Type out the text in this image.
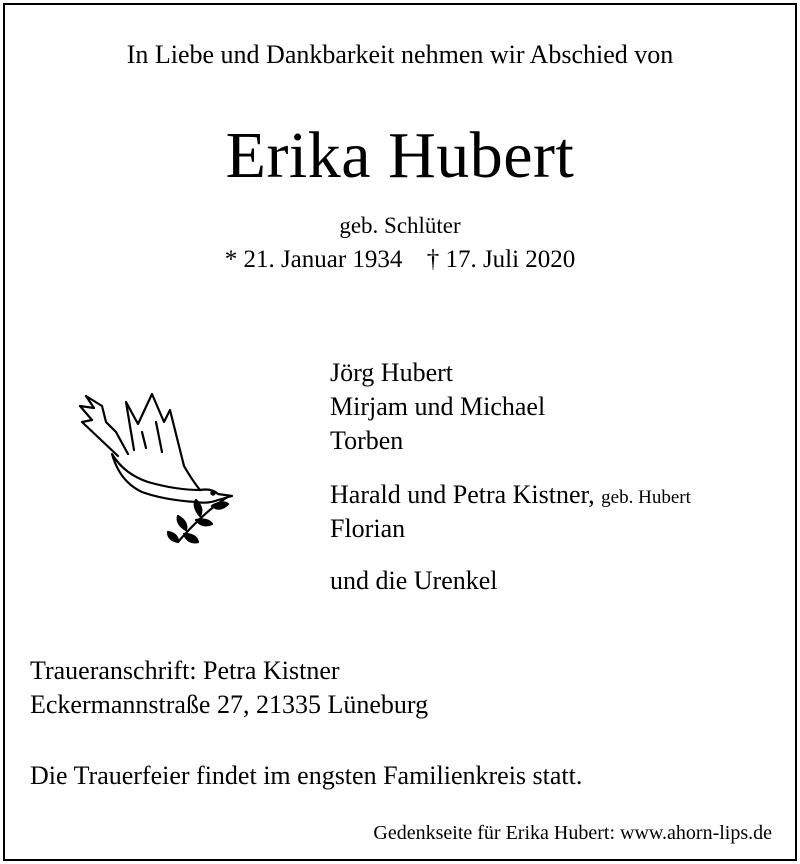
In Liebe und Dankbarkeit nehmen wir Abschied von
Erika Hubert
geb. Schlüter
* 21. Januar 1934 † 17. Juli 2020
Jörg Hubert
Mirjam und Michael
Torben
Harald und Petra Kistner, geb. Hubert
Florian
und die Urenkel
Traueranschrift: Petra Kistner
Eckermannstraße 27, 21335 Lüneburg
Die Trauerfeier findet im engsten Familienkreis statt.
Gedenkseite für Erika Hubert: www.ahorn-lips.de
